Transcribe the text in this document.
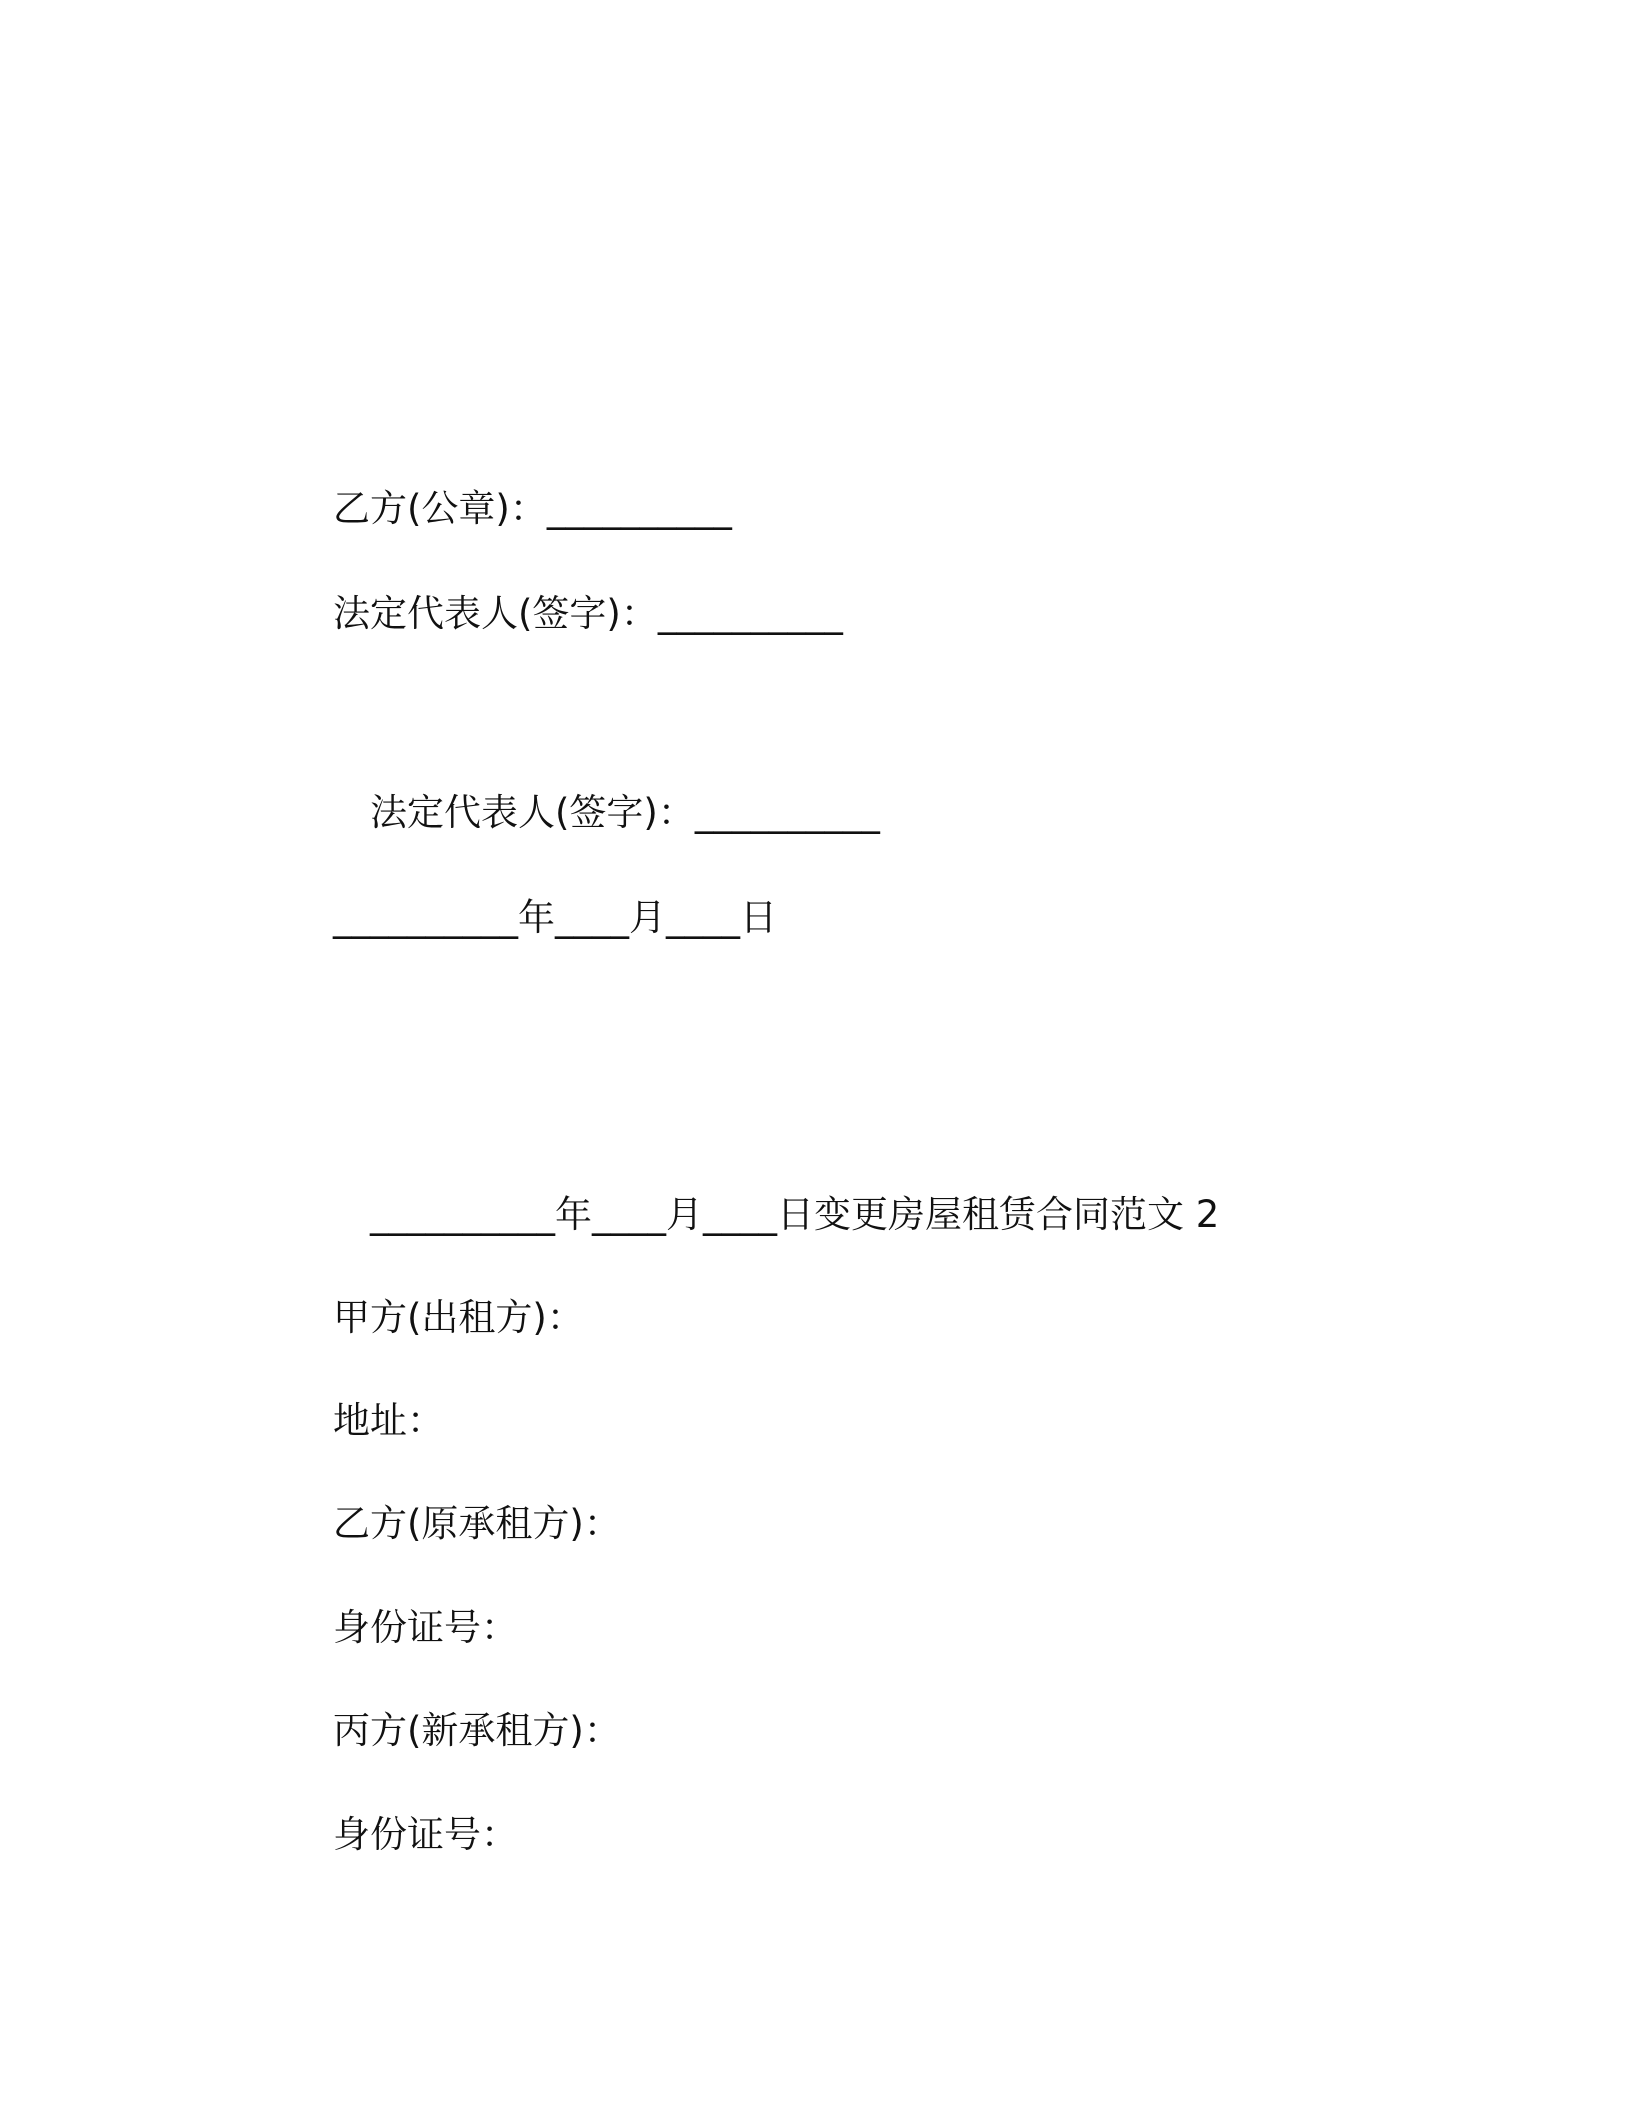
乙方(公章)：__________
法定代表人(签字)：__________
法定代表人(签字)：__________
__________年____月____日
__________年____月____日变更房屋租赁合同范文 2
甲方(出租方)：
地址：
乙方(原承租方)：
身份证号：
丙方(新承租方)：
身份证号：
